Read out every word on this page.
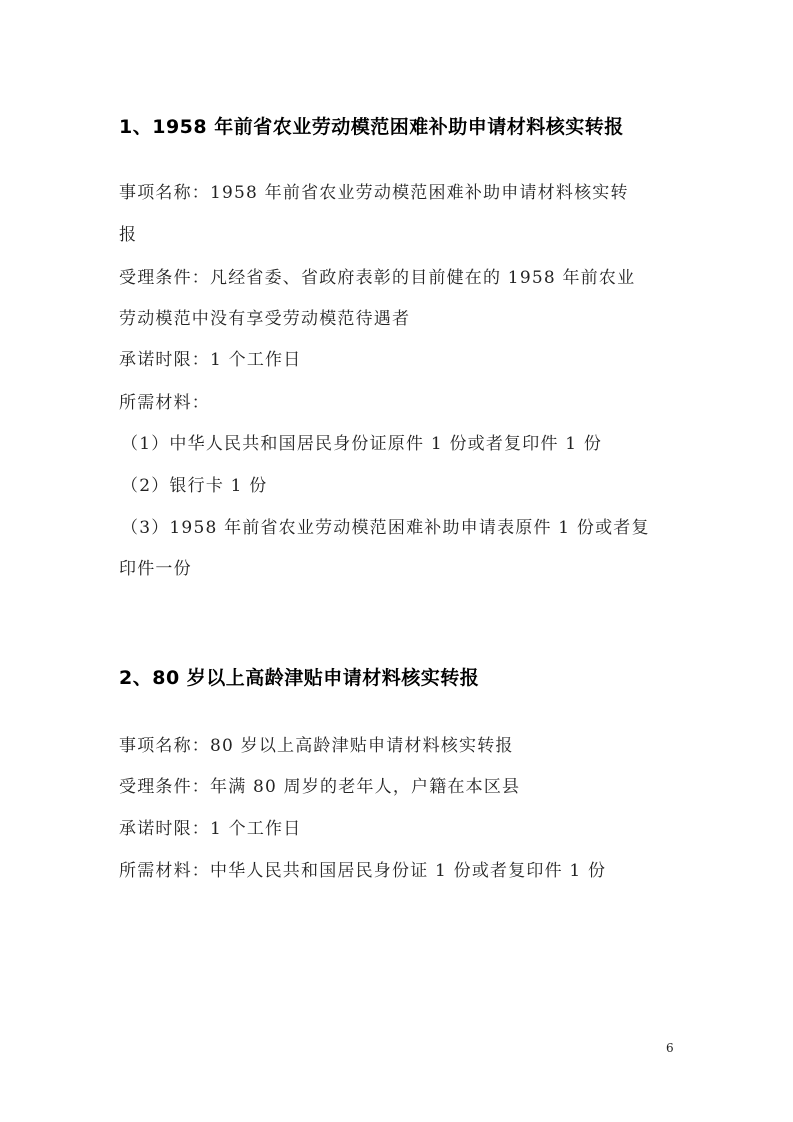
1、1958 年前省农业劳动模范困难补助申请材料核实转报
事项名称：1958 年前省农业劳动模范困难补助申请材料核实转
报
受理条件：凡经省委、省政府表彰的目前健在的 1958 年前农业
劳动模范中没有享受劳动模范待遇者
承诺时限：1 个工作日
所需材料：
（1）中华人民共和国居民身份证原件 1 份或者复印件 1 份
（2）银行卡 1 份
（3）1958 年前省农业劳动模范困难补助申请表原件 1 份或者复
印件一份
2、80 岁以上高龄津贴申请材料核实转报
事项名称：80 岁以上高龄津贴申请材料核实转报
受理条件：年满 80 周岁的老年人，户籍在本区县
承诺时限：1 个工作日
所需材料：中华人民共和国居民身份证 1 份或者复印件 1 份
6
